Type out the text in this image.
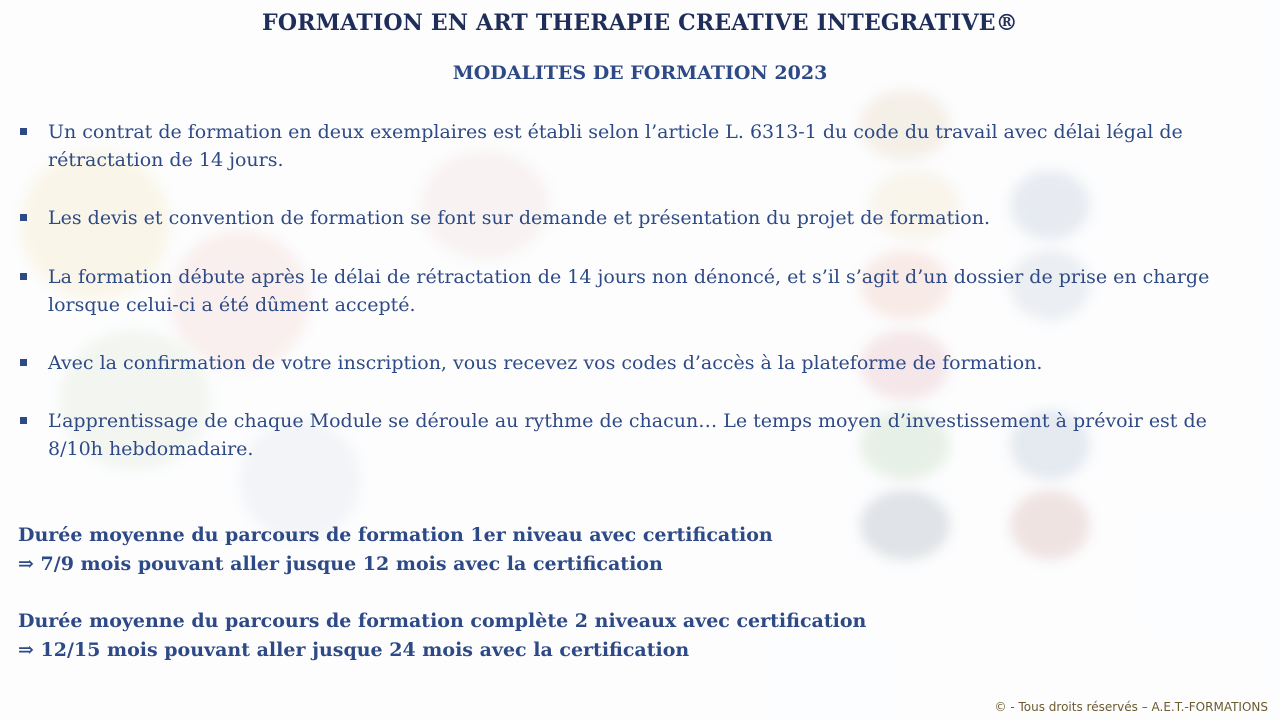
FORMATION EN ART THERAPIE CREATIVE INTEGRATIVE®
MODALITES DE FORMATION 2023
Un contrat de formation en deux exemplaires est établi selon l’article L. 6313-1 du code du travail avec délai légal de rétractation de 14 jours.
Les devis et convention de formation se font sur demande et présentation du projet de formation.
La formation débute après le délai de rétractation de 14 jours non dénoncé, et s’il s’agit d’un dossier de prise en charge lorsque celui-ci a été dûment accepté.
Avec la confirmation de votre inscription, vous recevez vos codes d’accès à la plateforme de formation.
L’apprentissage de chaque Module se déroule au rythme de chacun… Le temps moyen d’investissement à prévoir est de 8/10h hebdomadaire.
Durée moyenne du parcours de formation 1er niveau avec certification
⇒ 7/9 mois pouvant aller jusque 12 mois avec la certification
Durée moyenne du parcours de formation complète 2 niveaux avec certification
⇒ 12/15 mois pouvant aller jusque 24 mois avec la certification
© - Tous droits réservés – A.E.T.-FORMATIONS
